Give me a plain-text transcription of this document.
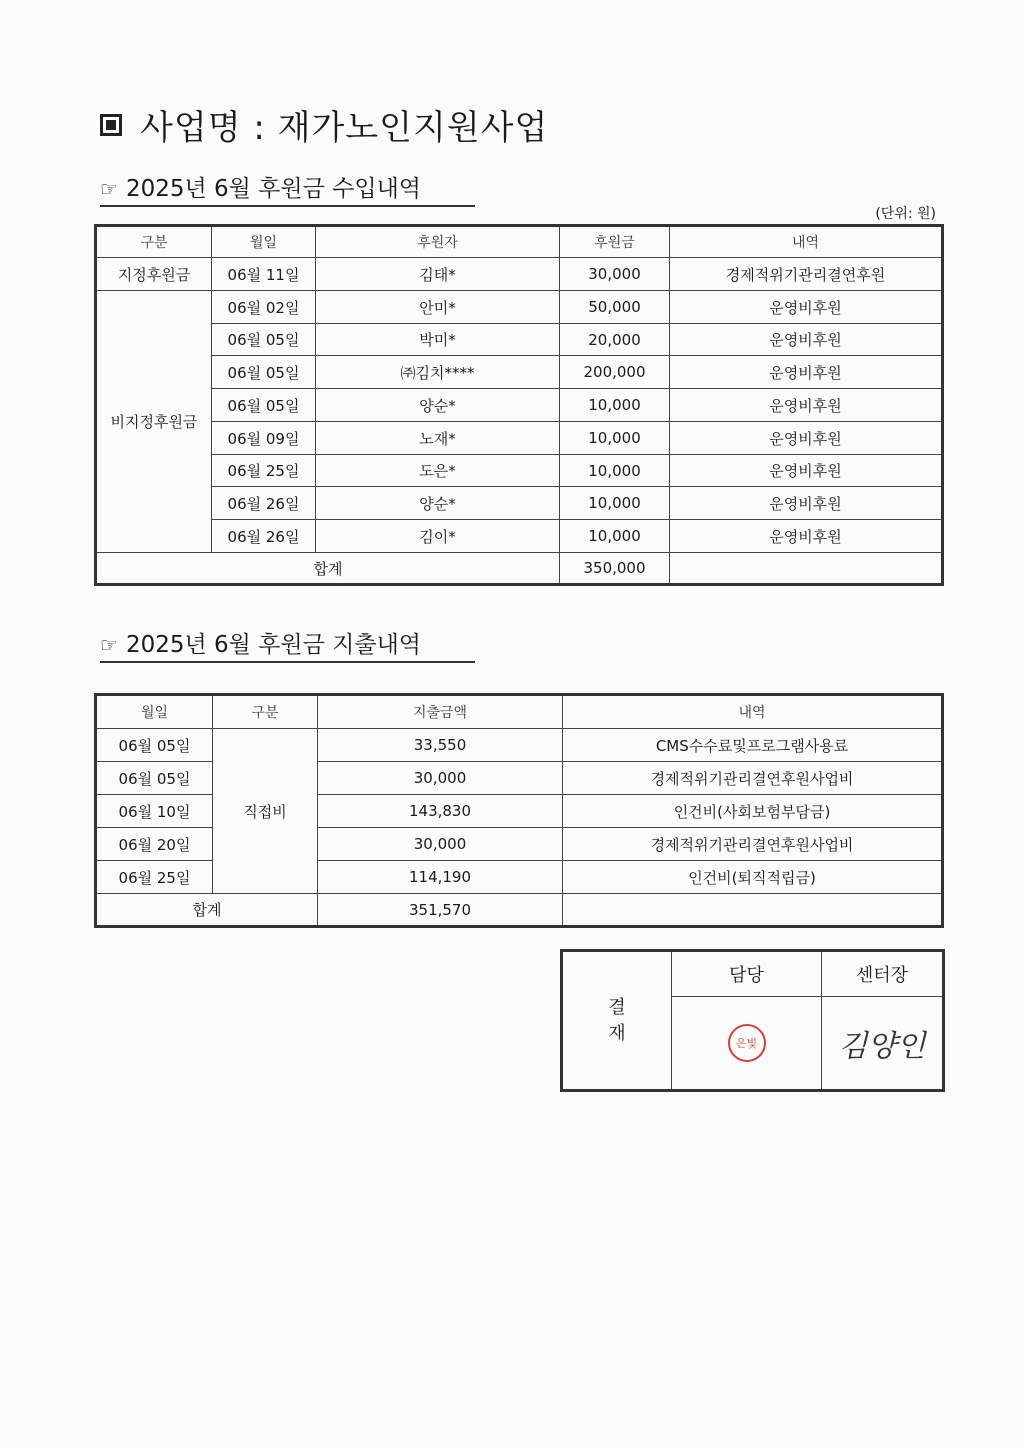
사업명 : 재가노인지원사업
☞ 2025년 6월 후원금 수입내역
(단위: 원)
구분	월일	후원자	후원금	내역
지정후원금	06월 11일	김태*	30,000	경제적위기관리결연후원
비지정후원금	06월 02일	안미*	50,000	운영비후원
	06월 05일	박미*	20,000	운영비후원
	06월 05일	㈜김치****	200,000	운영비후원
	06월 05일	양순*	10,000	운영비후원
	06월 09일	노재*	10,000	운영비후원
	06월 25일	도은*	10,000	운영비후원
	06월 26일	양순*	10,000	운영비후원
	06월 26일	김이*	10,000	운영비후원
합계			350,000	
☞ 2025년 6월 후원금 지출내역
월일	구분	지출금액	내역
06월 05일	직접비	33,550	CMS수수료및프로그램사용료
06월 05일		30,000	경제적위기관리결연후원사업비
06월 10일		143,830	인건비(사회보험부담금)
06월 20일		30,000	경제적위기관리결연후원사업비
06월 25일		114,190	인건비(퇴직적립금)
합계		351,570	
결
재	담당	센터장
	은빛	김양인
